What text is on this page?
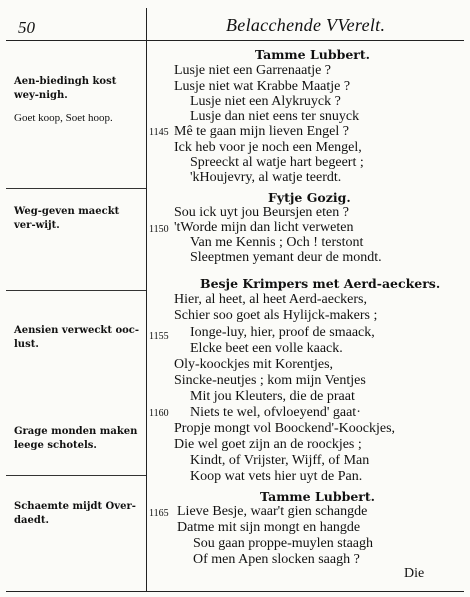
50	Belacchende VVerelt.
Aen-biedingh kost wey-nigh.
Goet koop, Soet hoop.
Weg-geven maeckt ver-wijt.
Aensien verweckt ooc-lust.
Grage monden maken leege schotels.
Schaemte mijdt Over-daedt.
Tamme Lubbert.
Lusje niet een Garrenaatje ?
Lusje niet wat Krabbe Maatje ?
Lusje niet een Alykruyck ?
Lusje dan niet eens ter snuyck
1145 Mê te gaan mijn lieven Engel ?
Ick heb voor je noch een Mengel,
Spreeckt al watje hart begeert ;
'kHoujevry, al watje teerdt.
Fytje Gozig.
Sou ick uyt jou Beursjen eten ?
1150 'tWorde mijn dan licht verweten
Van me Kennis ; Och ! terstont
Sleeptmen yemant deur de mondt.
Besje Krimpers met Aerd-aeckers.
Hier, al heet, al heet Aerd-aeckers,
Schier soo goet als Hylijck-makers ;
1155 Ionge-luy, hier, proof de smaack,
Elcke beet een volle kaack.
Oly-koockjes mit Korentjes,
Sincke-neutjes ; kom mijn Ventjes
Mit jou Kleuters, die de praat
1160 Niets te wel, ofvloeyend' gaat·
Propje mongt vol Boockend'-Koockjes,
Die wel goet zijn an de roockjes ;
Kindt, of Vrijster, Wijff, of Man
Koop wat vets hier uyt de Pan.
Tamme Lubbert.
1165 Lieve Besje, waar't gien schangde
Datme mit sijn mongt en hangde
Sou gaan proppe-muylen staagh
Of men Apen slocken saagh ?
Die
